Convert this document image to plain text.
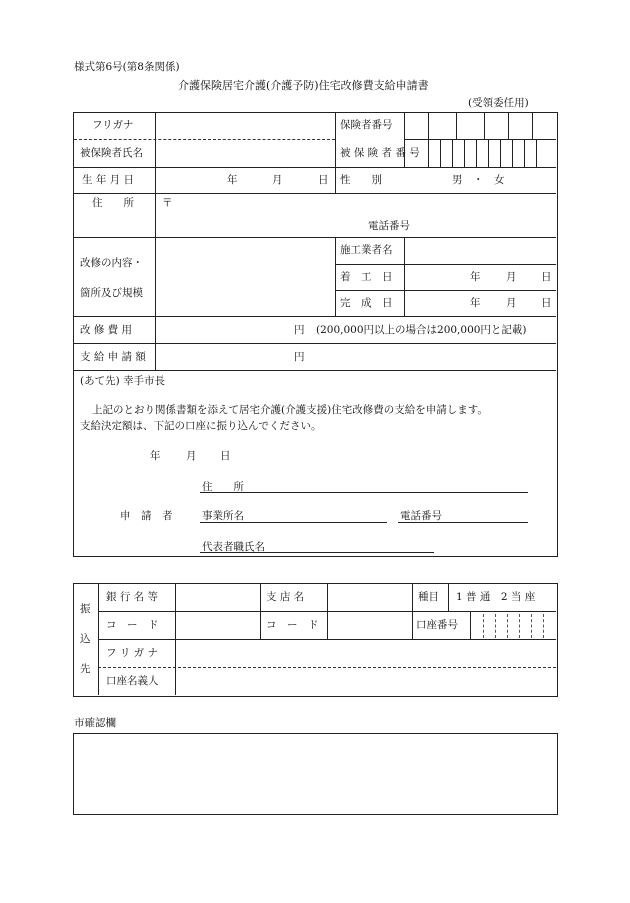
様式第6号(第8条関係)
介護保険居宅介護(介護予防)住宅改修費支給申請書
(受領委任用)
フリガナ	保険者番号
被保険者氏名	被 保 険 者 番 号
生 年 月 日	年	月	日 性　　別	男　・　女
住　　所	〒
電話番号
改修の内容・
箇所及び規模
施工業者名
着　工　日	年 月 日
完　成　日	年 月 日
改 修 費 用	円 (200,000円以上の場合は200,000円と記載)
支 給 申 請 額	円
(あて先) 幸手市長
上記のとおり関係書類を添えて居宅介護(介護支援)住宅改修費の支給を申請します。
支給決定額は、下記の口座に振り込んでください。
年 月 日
住　　所
申　請　者	事業所名	電話番号
代表者職氏名
振
込
先
銀 行 名 等	支 店 名	種目 1 普 通　2 当 座
コ　ー　ド	コ　ー　ド	口座番号
フ リ ガ ナ
口座名義人
市確認欄
